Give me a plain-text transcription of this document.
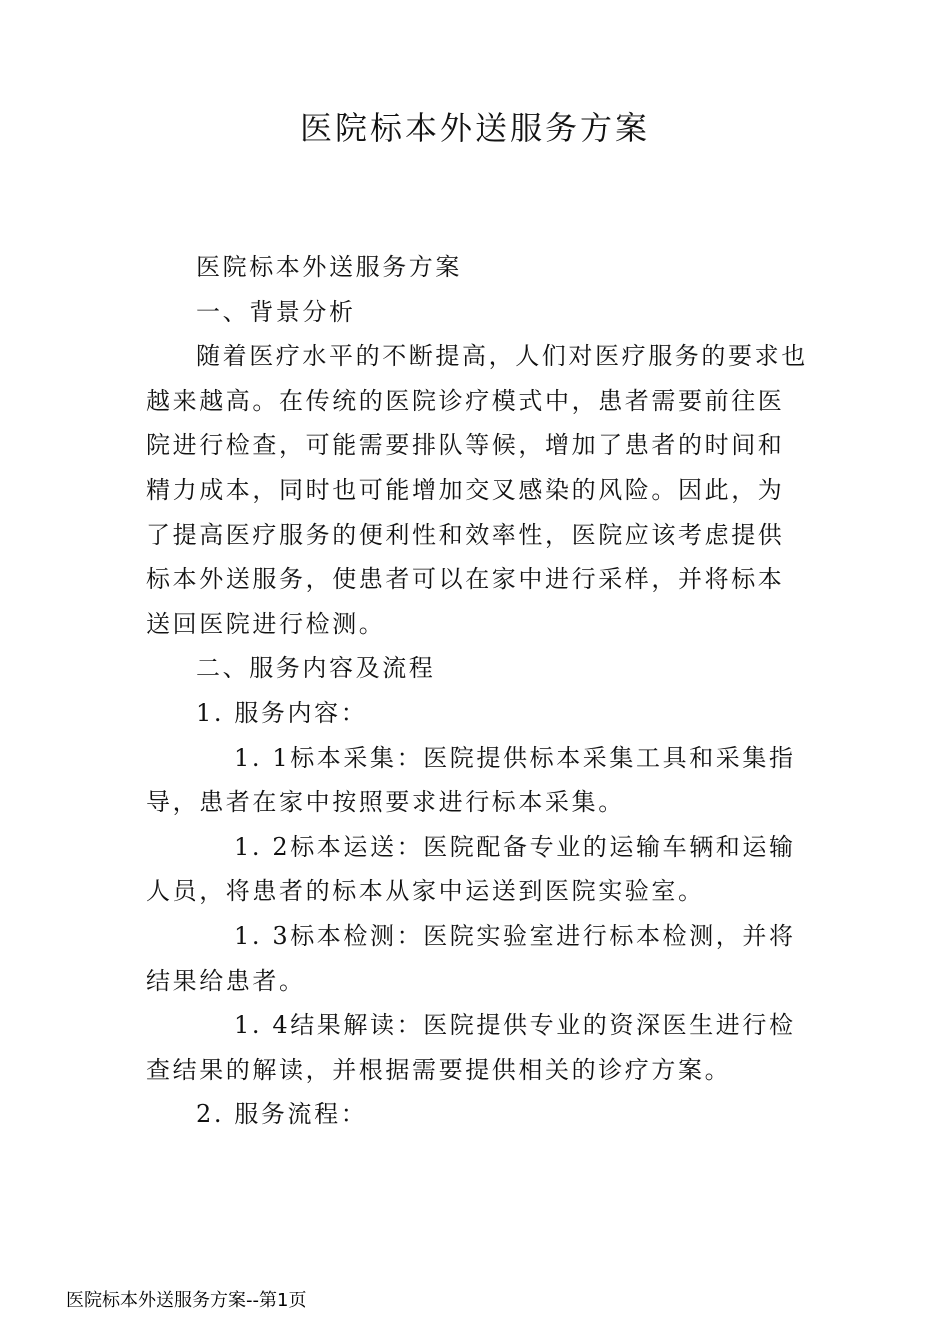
医院标本外送服务方案

医院标本外送服务方案

一、背景分析

随着医疗水平的不断提高，人们对医疗服务的要求也越来越高。在传统的医院诊疗模式中，患者需要前往医院进行检查，可能需要排队等候，增加了患者的时间和精力成本，同时也可能增加交叉感染的风险。因此，为了提高医疗服务的便利性和效率性，医院应该考虑提供标本外送服务，使患者可以在家中进行采样，并将标本送回医院进行检测。

二、服务内容及流程

1. 服务内容：

1. 1标本采集：医院提供标本采集工具和采集指导，患者在家中按照要求进行标本采集。

1. 2标本运送：医院配备专业的运输车辆和运输人员，将患者的标本从家中运送到医院实验室。

1. 3标本检测：医院实验室进行标本检测，并将结果给患者。

1. 4结果解读：医院提供专业的资深医生进行检查结果的解读，并根据需要提供相关的诊疗方案。

2. 服务流程：

医院标本外送服务方案--第1页
